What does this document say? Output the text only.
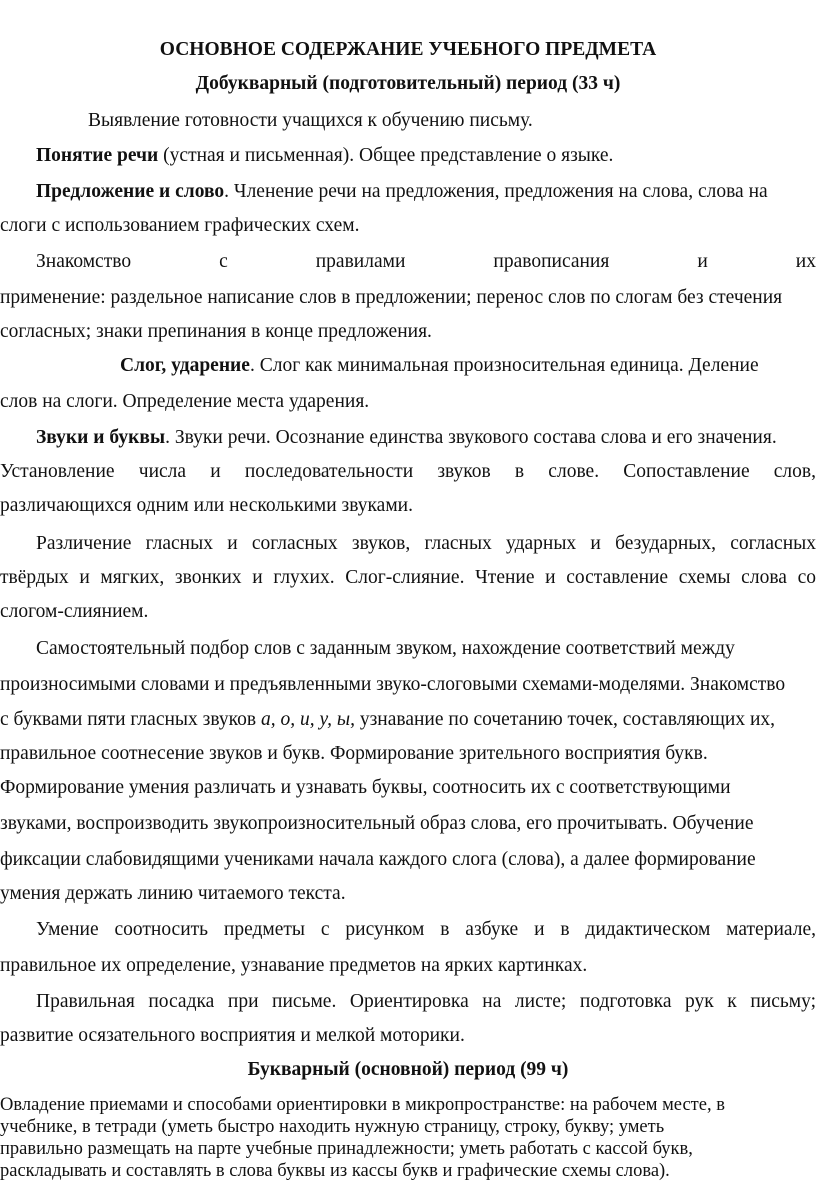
ОСНОВНОЕ СОДЕРЖАНИЕ УЧЕБНОГО ПРЕДМЕТА
Добукварный (подготовительный) период (33 ч)
Выявление готовности учащихся к обучению письму.
Понятие речи (устная и письменная). Общее представление о языке.
Предложение и слово. Членение речи на предложения, предложения на слова, слова на
слоги с использованием графических схем.
Знакомство с правилами правописания и их
применение: раздельное написание слов в предложении; перенос слов по слогам без стечения
согласных; знаки препинания в конце предложения.
Слог, ударение. Слог как минимальная произносительная единица. Деление
слов на слоги. Определение места ударения.
Звуки и буквы. Звуки речи. Осознание единства звукового состава слова и его значения.
Установление числа и последовательности звуков в слове. Сопоставление слов,
различающихся одним или несколькими звуками.
Различение гласных и согласных звуков, гласных ударных и безударных, согласных
твёрдых и мягких, звонких и глухих. Слог-слияние. Чтение и составление схемы слова со
слогом-слиянием.
Самостоятельный подбор слов с заданным звуком, нахождение соответствий между
произносимыми словами и предъявленными звуко-слоговыми схемами-моделями. Знакомство
с буквами пяти гласных звуков а, о, и, у, ы, узнавание по сочетанию точек, составляющих их,
правильное соотнесение звуков и букв. Формирование зрительного восприятия букв.
Формирование умения различать и узнавать буквы, соотносить их с соответствующими
звуками, воспроизводить звукопроизносительный образ слова, его прочитывать. Обучение
фиксации слабовидящими учениками начала каждого слога (слова), а далее формирование
умения держать линию читаемого текста.
Умение соотносить предметы с рисунком в азбуке и в дидактическом материале,
правильное их определение, узнавание предметов на ярких картинках.
Правильная посадка при письме. Ориентировка на листе; подготовка рук к письму;
развитие осязательного восприятия и мелкой моторики.
Букварный (основной) период (99 ч)
Овладение приемами и способами ориентировки в микропространстве: на рабочем месте, в
учебнике, в тетради (уметь быстро находить нужную страницу, строку, букву; уметь
правильно размещать на парте учебные принадлежности; уметь работать с кассой букв,
раскладывать и составлять в слова буквы из кассы букв и графические схемы слова).
